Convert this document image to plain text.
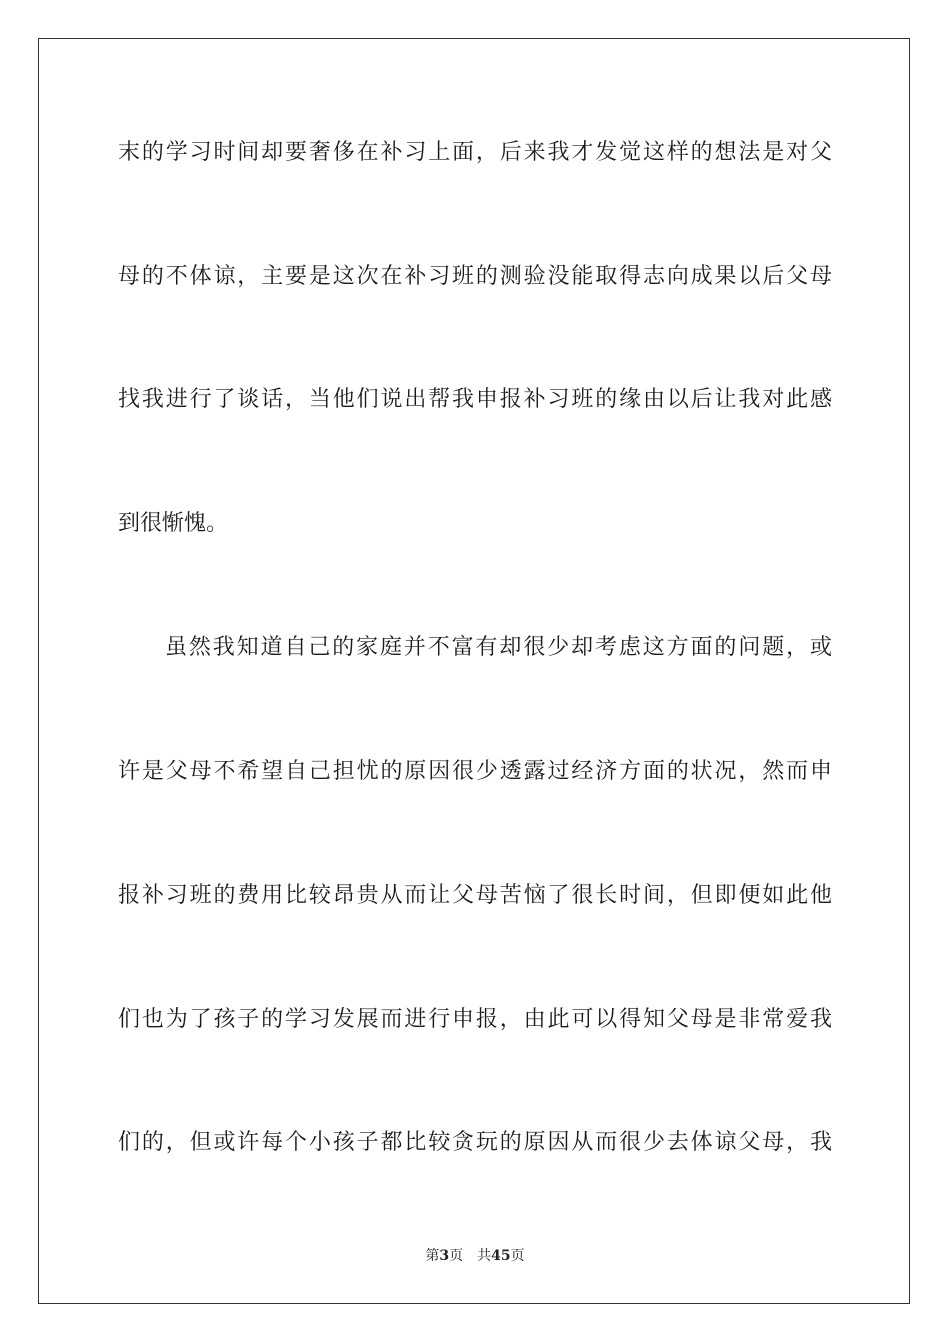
末的学习时间却要奢侈在补习上面，后来我才发觉这样的想法是对父
母的不体谅，主要是这次在补习班的测验没能取得志向成果以后父母
找我进行了谈话，当他们说出帮我申报补习班的缘由以后让我对此感
到很惭愧。
虽然我知道自己的家庭并不富有却很少却考虑这方面的问题，或
许是父母不希望自己担忧的原因很少透露过经济方面的状况，然而申
报补习班的费用比较昂贵从而让父母苦恼了很长时间，但即便如此他
们也为了孩子的学习发展而进行申报，由此可以得知父母是非常爱我
们的，但或许每个小孩子都比较贪玩的原因从而很少去体谅父母，我
第3页 共45页
